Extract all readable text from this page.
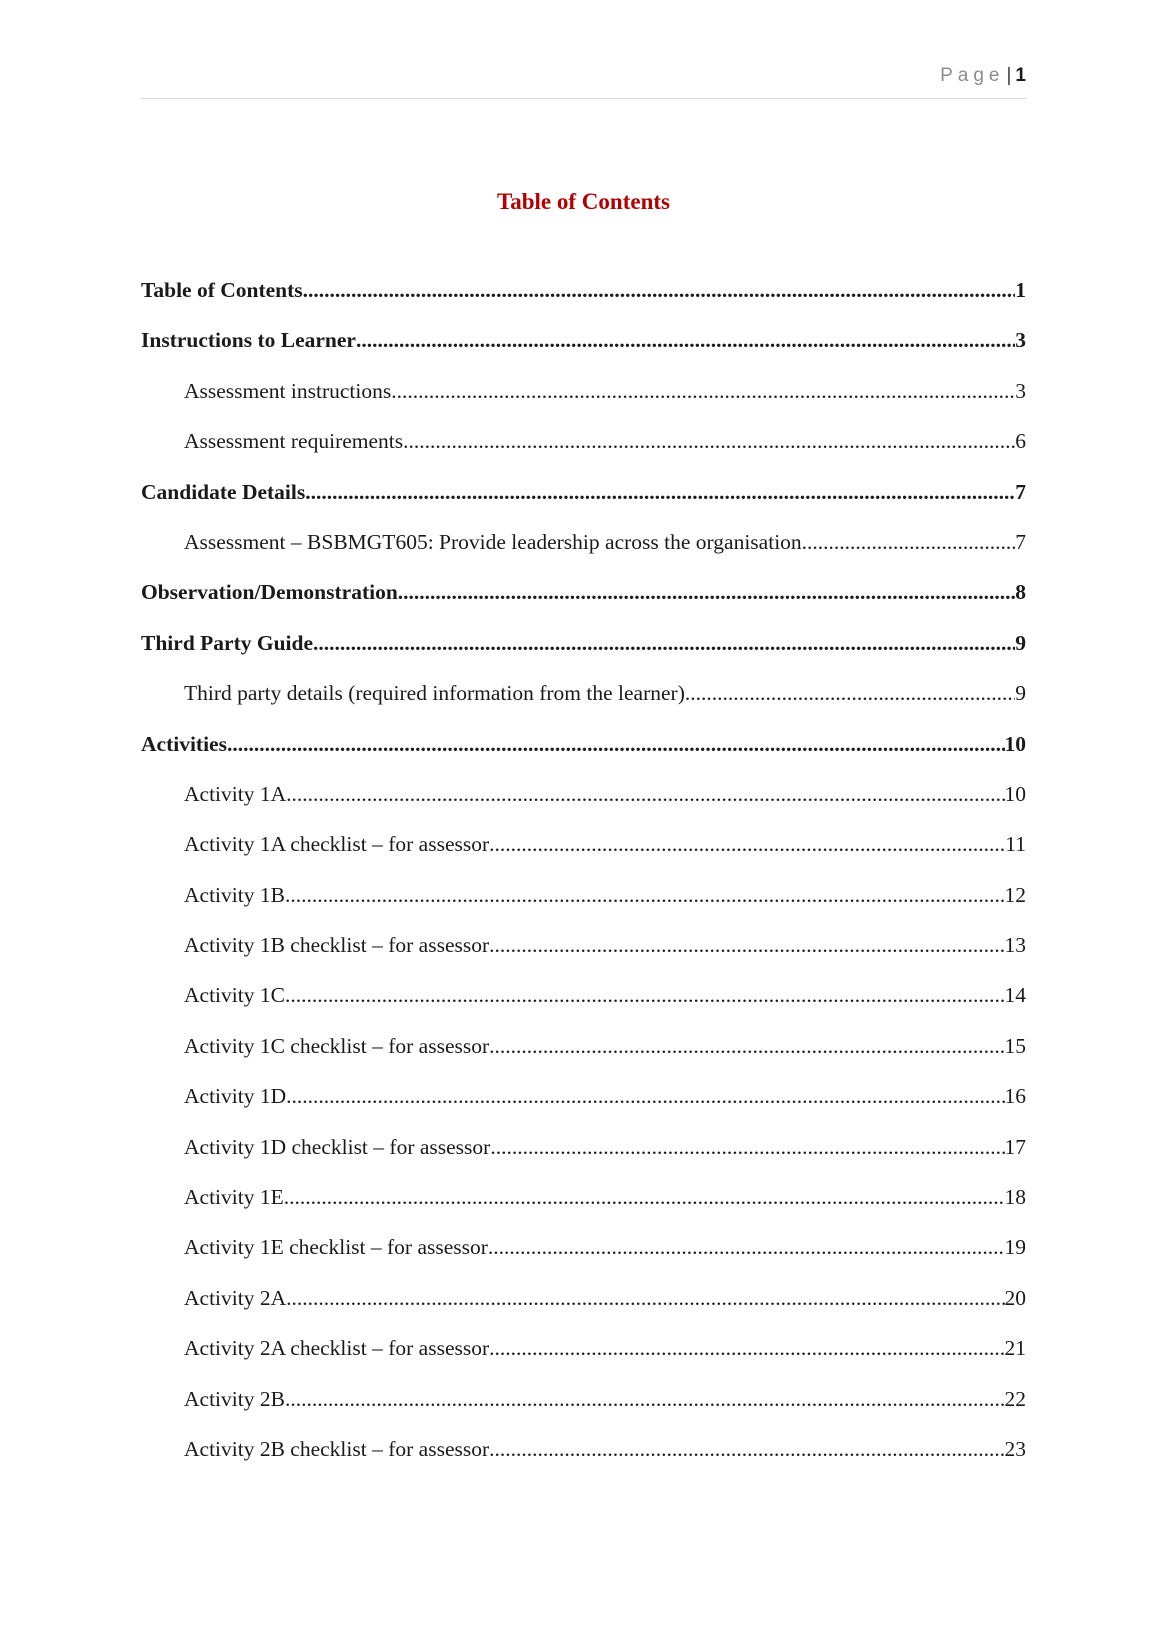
Page | 1
Table of Contents
Table of Contents .....	1
Instructions to Learner .....	3
Assessment instructions .....	3
Assessment requirements .....	6
Candidate Details .....	7
Assessment – BSBMGT605: Provide leadership across the organisation .....	7
Observation/Demonstration .....	8
Third Party Guide .....	9
Third party details (required information from the learner) .....	9
Activities .....	10
Activity 1A .....	10
Activity 1A checklist – for assessor .....	11
Activity 1B .....	12
Activity 1B checklist – for assessor .....	13
Activity 1C .....	14
Activity 1C checklist – for assessor .....	15
Activity 1D .....	16
Activity 1D checklist – for assessor .....	17
Activity 1E .....	18
Activity 1E checklist – for assessor .....	19
Activity 2A .....	20
Activity 2A checklist – for assessor .....	21
Activity 2B .....	22
Activity 2B checklist – for assessor .....	23
